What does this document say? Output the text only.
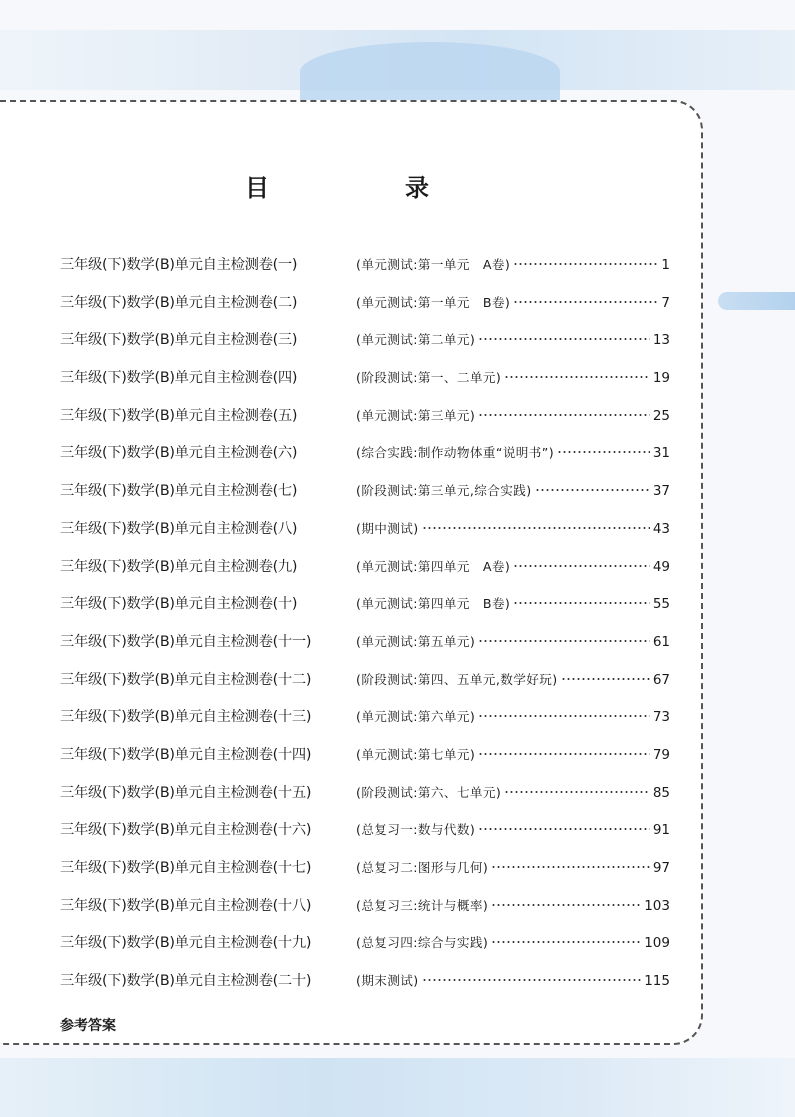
目　录
三年级(下)数学(B)单元自主检测卷(一)	(单元测试:第一单元　A卷)	1
三年级(下)数学(B)单元自主检测卷(二)	(单元测试:第一单元　B卷)	7
三年级(下)数学(B)单元自主检测卷(三)	(单元测试:第二单元)	13
三年级(下)数学(B)单元自主检测卷(四)	(阶段测试:第一、二单元)	19
三年级(下)数学(B)单元自主检测卷(五)	(单元测试:第三单元)	25
三年级(下)数学(B)单元自主检测卷(六)	(综合实践:制作动物体重“说明书”)	31
三年级(下)数学(B)单元自主检测卷(七)	(阶段测试:第三单元,综合实践)	37
三年级(下)数学(B)单元自主检测卷(八)	(期中测试)	43
三年级(下)数学(B)单元自主检测卷(九)	(单元测试:第四单元　A卷)	49
三年级(下)数学(B)单元自主检测卷(十)	(单元测试:第四单元　B卷)	55
三年级(下)数学(B)单元自主检测卷(十一)	(单元测试:第五单元)	61
三年级(下)数学(B)单元自主检测卷(十二)	(阶段测试:第四、五单元,数学好玩)	67
三年级(下)数学(B)单元自主检测卷(十三)	(单元测试:第六单元)	73
三年级(下)数学(B)单元自主检测卷(十四)	(单元测试:第七单元)	79
三年级(下)数学(B)单元自主检测卷(十五)	(阶段测试:第六、七单元)	85
三年级(下)数学(B)单元自主检测卷(十六)	(总复习一:数与代数)	91
三年级(下)数学(B)单元自主检测卷(十七)	(总复习二:图形与几何)	97
三年级(下)数学(B)单元自主检测卷(十八)	(总复习三:统计与概率)	103
三年级(下)数学(B)单元自主检测卷(十九)	(总复习四:综合与实践)	109
三年级(下)数学(B)单元自主检测卷(二十)	(期末测试)	115

参考答案
